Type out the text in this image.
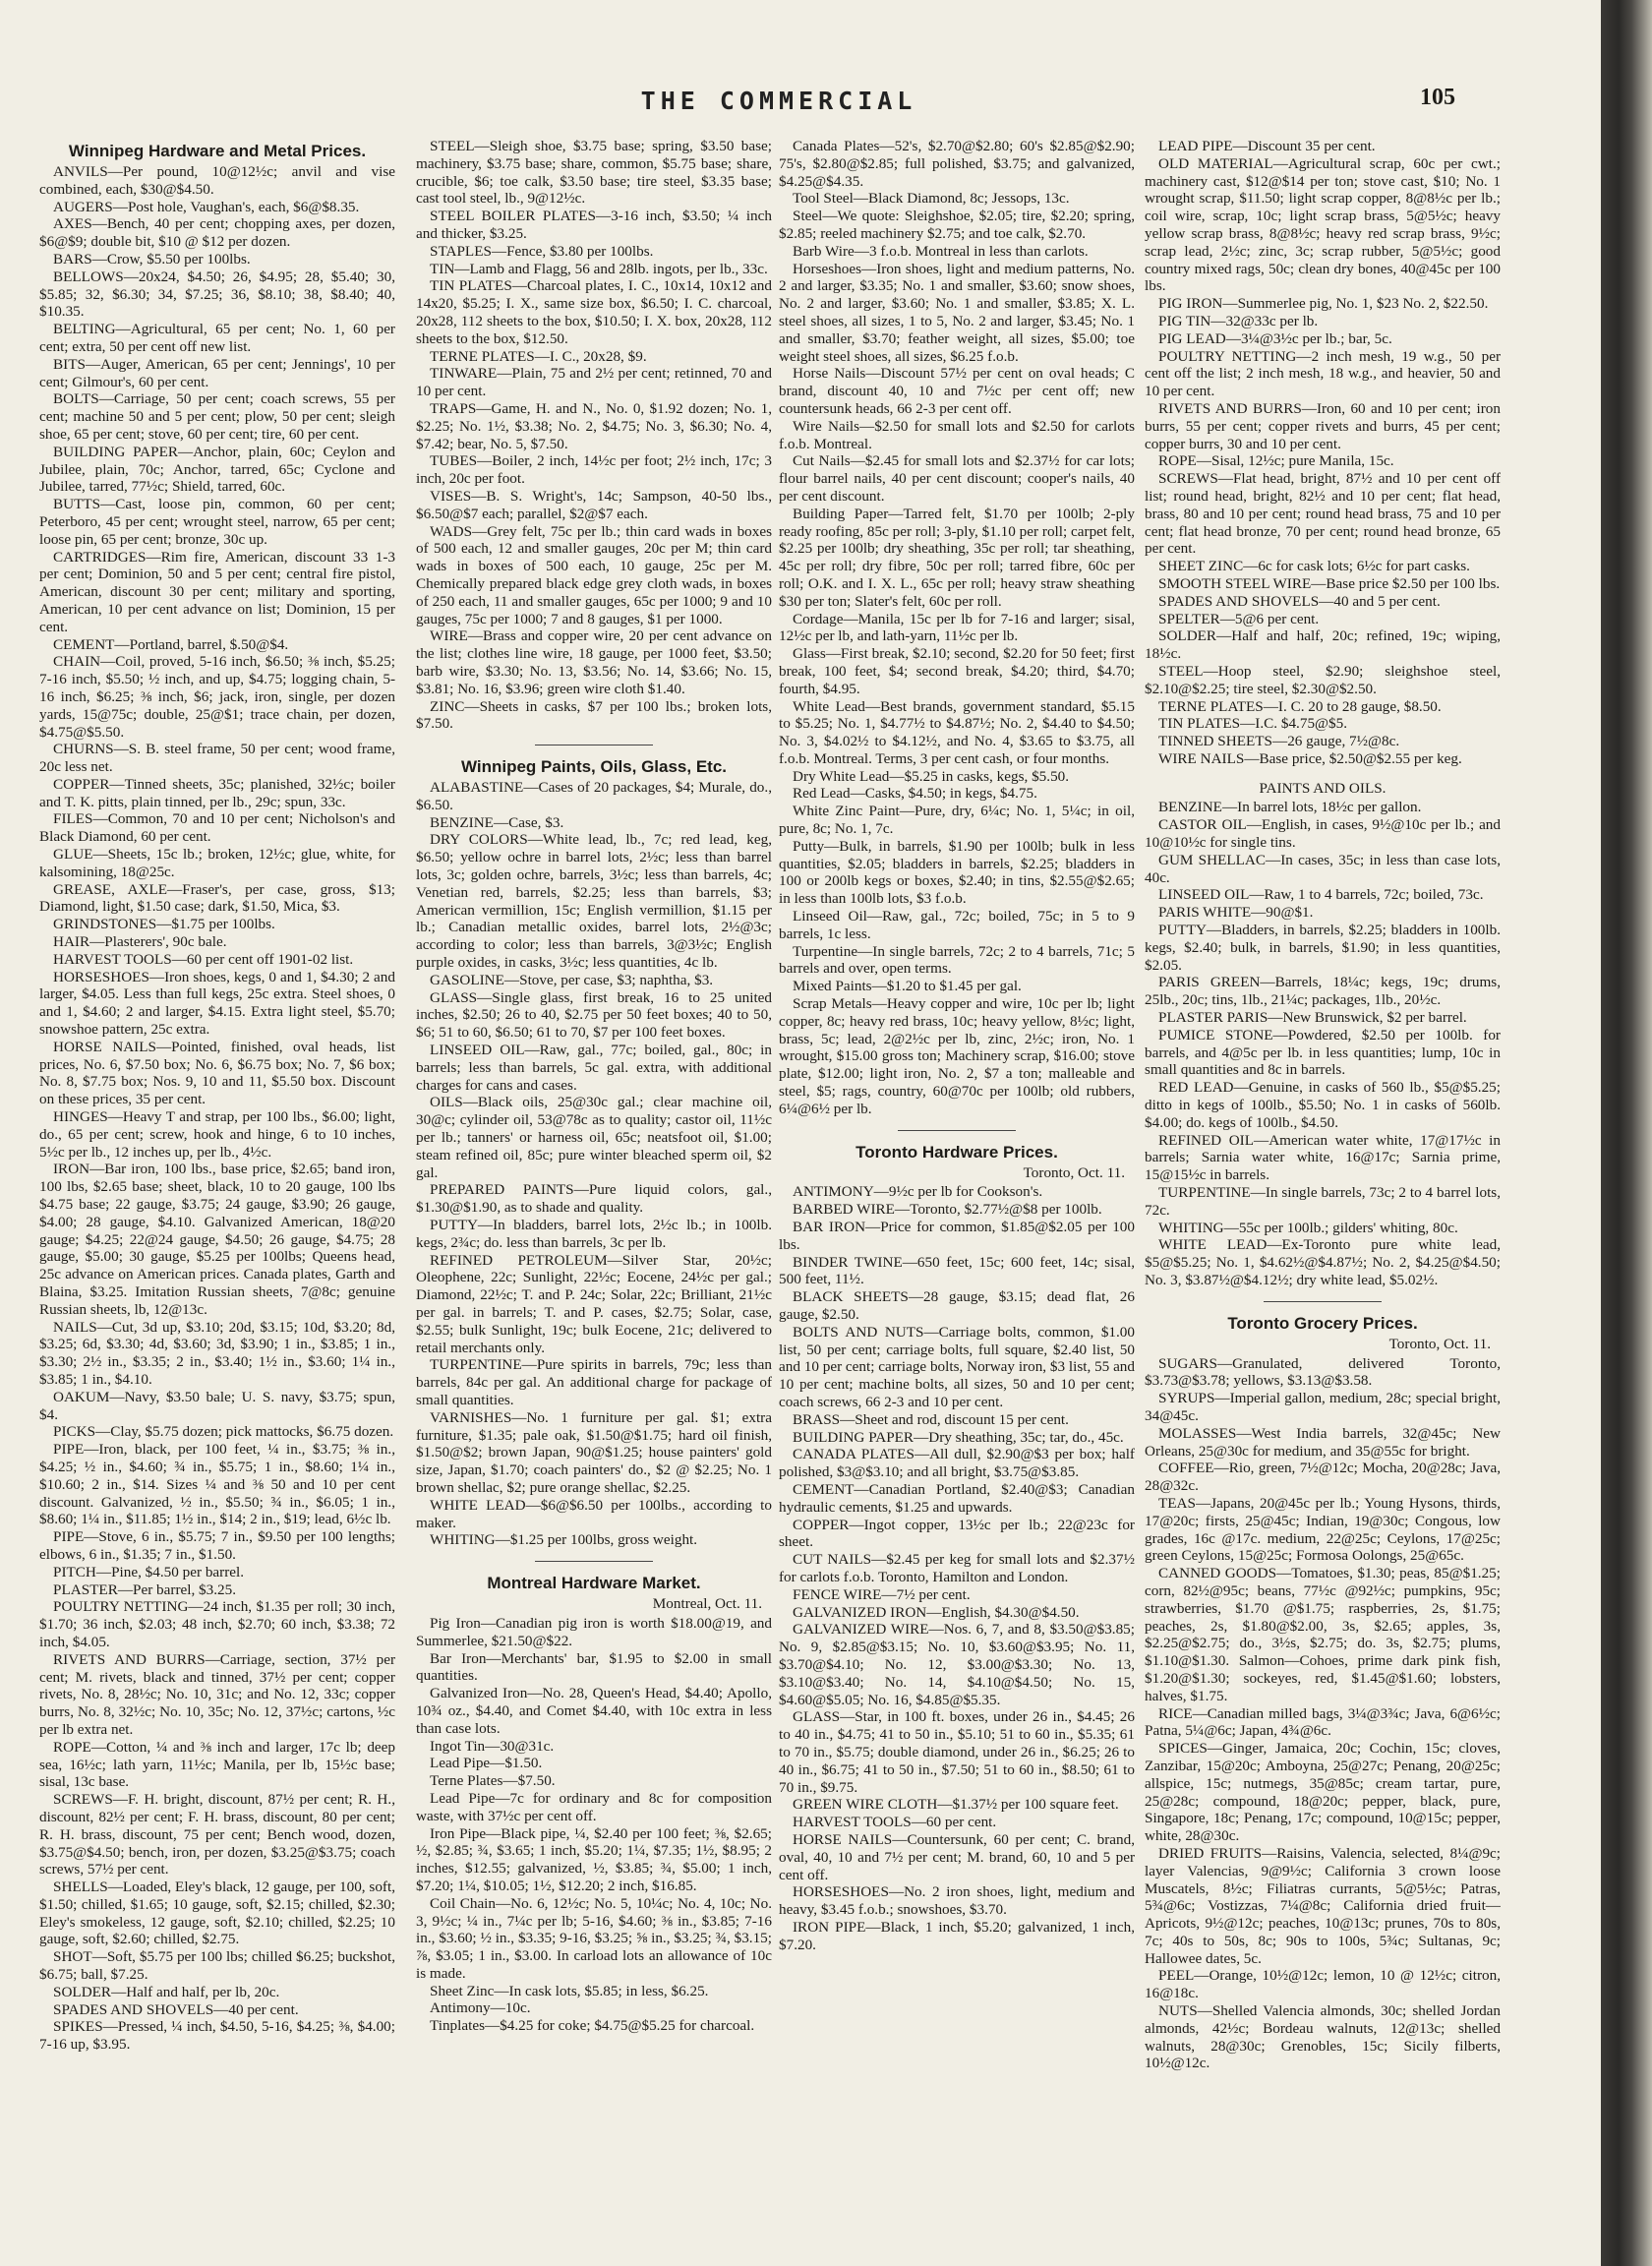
THE COMMERCIAL	105
Winnipeg Hardware and Metal Prices.

ANVILS—Per pound, 10@12½c; anvil and vise combined, each, $30@$4.50.

AUGERS—Post hole, Vaughan's, each, $6@$8.35.

AXES—Bench, 40 per cent; chopping axes, per dozen, $6@$9; double bit, $10 @ $12 per dozen.

BARS—Crow, $5.50 per 100lbs.

BELLOWS—20x24, $4.50; 26, $4.95; 28, $5.40; 30, $5.85; 32, $6.30; 34, $7.25; 36, $8.10; 38, $8.40; 40, $10.35.

BELTING—Agricultural, 65 per cent; No. 1, 60 per cent; extra, 50 per cent off new list.

BITS—Auger, American, 65 per cent; Jennings', 10 per cent; Gilmour's, 60 per cent.

BOLTS—Carriage, 50 per cent; coach screws, 55 per cent; machine 50 and 5 per cent; plow, 50 per cent; sleigh shoe, 65 per cent; stove, 60 per cent; tire, 60 per cent.

BUILDING PAPER—Anchor, plain, 60c; Ceylon and Jubilee, plain, 70c; Anchor, tarred, 65c; Cyclone and Jubilee, tarred, 77½c; Shield, tarred, 60c.

BUTTS—Cast, loose pin, common, 60 per cent; Peterboro, 45 per cent; wrought steel, narrow, 65 per cent; loose pin, 65 per cent; bronze, 30c up.

CARTRIDGES—Rim fire, American, discount 33 1-3 per cent; Dominion, 50 and 5 per cent; central fire pistol, American, discount 30 per cent; military and sporting, American, 10 per cent advance on list; Dominion, 15 per cent.

CEMENT—Portland, barrel, $.50@$4.

CHAIN—Coil, proved, 5-16 inch, $6.50; ⅜ inch, $5.25; 7-16 inch, $5.50; ½ inch, and up, $4.75; logging chain, 5-16 inch, $6.25; ⅜ inch, $6; jack, iron, single, per dozen yards, 15@75c; double, 25@$1; trace chain, per dozen, $4.75@$5.50.

CHURNS—S. B. steel frame, 50 per cent; wood frame, 20c less net.

COPPER—Tinned sheets, 35c; planished, 32½c; boiler and T. K. pitts, plain tinned, per lb., 29c; spun, 33c.

FILES—Common, 70 and 10 per cent; Nicholson's and Black Diamond, 60 per cent.

GLUE—Sheets, 15c lb.; broken, 12½c; glue, white, for kalsomining, 18@25c.

GREASE, AXLE—Fraser's, per case, gross, $13; Diamond, light, $1.50 case; dark, $1.50, Mica, $3.

GRINDSTONES—$1.75 per 100lbs.

HAIR—Plasterers', 90c bale.

HARVEST TOOLS—60 per cent off 1901-02 list.

HORSESHOES—Iron shoes, kegs, 0 and 1, $4.30; 2 and larger, $4.05. Less than full kegs, 25c extra. Steel shoes, 0 and 1, $4.60; 2 and larger, $4.15. Extra light steel, $5.70; snowshoe pattern, 25c extra.

HORSE NAILS—Pointed, finished, oval heads, list prices, No. 6, $7.50 box; No. 6, $6.75 box; No. 7, $6 box; No. 8, $7.75 box; Nos. 9, 10 and 11, $5.50 box. Discount on these prices, 35 per cent.

HINGES—Heavy T and strap, per 100 lbs., $6.00; light, do., 65 per cent; screw, hook and hinge, 6 to 10 inches, 5½c per lb., 12 inches up, per lb., 4½c.

IRON—Bar iron, 100 lbs., base price, $2.65; band iron, 100 lbs, $2.65 base; sheet, black, 10 to 20 gauge, 100 lbs $4.75 base; 22 gauge, $3.75; 24 gauge, $3.90; 26 gauge, $4.00; 28 gauge, $4.10. Galvanized American, 18@20 gauge; $4.25; 22@24 gauge, $4.50; 26 gauge, $4.75; 28 gauge, $5.00; 30 gauge, $5.25 per 100lbs; Queens head, 25c advance on American prices. Canada plates, Garth and Blaina, $3.25. Imitation Russian sheets, 7@8c; genuine Russian sheets, lb, 12@13c.

NAILS—Cut, 3d up, $3.10; 20d, $3.15; 10d, $3.20; 8d, $3.25; 6d, $3.30; 4d, $3.60; 3d, $3.90; 1 in., $3.85; 1 in., $3.30; 2½ in., $3.35; 2 in., $3.40; 1½ in., $3.60; 1¼ in., $3.85; 1 in., $4.10.

OAKUM—Navy, $3.50 bale; U. S. navy, $3.75; spun, $4.

PICKS—Clay, $5.75 dozen; pick mattocks, $6.75 dozen.

PIPE—Iron, black, per 100 feet, ¼ in., $3.75; ⅜ in., $4.25; ½ in., $4.60; ¾ in., $5.75; 1 in., $8.60; 1¼ in., $10.60; 2 in., $14. Sizes ¼ and ⅜ 50 and 10 per cent discount. Galvanized, ½ in., $5.50; ¾ in., $6.05; 1 in., $8.60; 1¼ in., $11.85; 1½ in., $14; 2 in., $19; lead, 6½c lb.

PIPE—Stove, 6 in., $5.75; 7 in., $9.50 per 100 lengths; elbows, 6 in., $1.35; 7 in., $1.50.

PITCH—Pine, $4.50 per barrel.

PLASTER—Per barrel, $3.25.

POULTRY NETTING—24 inch, $1.35 per roll; 30 inch, $1.70; 36 inch, $2.03; 48 inch, $2.70; 60 inch, $3.38; 72 inch, $4.05.

RIVETS AND BURRS—Carriage, section, 37½ per cent; M. rivets, black and tinned, 37½ per cent; copper rivets, No. 8, 28½c; No. 10, 31c; and No. 12, 33c; copper burrs, No. 8, 32½c; No. 10, 35c; No. 12, 37½c; cartons, ½c per lb extra net.

ROPE—Cotton, ¼ and ⅜ inch and larger, 17c lb; deep sea, 16½c; lath yarn, 11½c; Manila, per lb, 15½c base; sisal, 13c base.

SCREWS—F. H. bright, discount, 87½ per cent; R. H., discount, 82½ per cent; F. H. brass, discount, 80 per cent; R. H. brass, discount, 75 per cent; Bench wood, dozen, $3.75@$4.50; bench, iron, per dozen, $3.25@$3.75; coach screws, 57½ per cent.

SHELLS—Loaded, Eley's black, 12 gauge, per 100, soft, $1.50; chilled, $1.65; 10 gauge, soft, $2.15; chilled, $2.30; Eley's smokeless, 12 gauge, soft, $2.10; chilled, $2.25; 10 gauge, soft, $2.60; chilled, $2.75.

SHOT—Soft, $5.75 per 100 lbs; chilled $6.25; buckshot, $6.75; ball, $7.25.

SOLDER—Half and half, per lb, 20c.

SPADES AND SHOVELS—40 per cent.

SPIKES—Pressed, ¼ inch, $4.50, 5-16, $4.25; ⅜, $4.00; 7-16 up, $3.95.

STEEL—Sleigh shoe, $3.75 base; spring, $3.50 base; machinery, $3.75 base; share, common, $5.75 base; share, crucible, $6; toe calk, $3.50 base; tire steel, $3.35 base; cast tool steel, lb., 9@12½c.

STEEL BOILER PLATES—3-16 inch, $3.50; ¼ inch and thicker, $3.25.

STAPLES—Fence, $3.80 per 100lbs.

TIN—Lamb and Flagg, 56 and 28lb. ingots, per lb., 33c.

TIN PLATES—Charcoal plates, I. C., 10x14, 10x12 and 14x20, $5.25; I. X., same size box, $6.50; I. C. charcoal, 20x28, 112 sheets to the box, $10.50; I. X. box, 20x28, 112 sheets to the box, $12.50.

TERNE PLATES—I. C., 20x28, $9.

TINWARE—Plain, 75 and 2½ per cent; retinned, 70 and 10 per cent.

TRAPS—Game, H. and N., No. 0, $1.92 dozen; No. 1, $2.25; No. 1½, $3.38; No. 2, $4.75; No. 3, $6.30; No. 4, $7.42; bear, No. 5, $7.50.

TUBES—Boiler, 2 inch, 14½c per foot; 2½ inch, 17c; 3 inch, 20c per foot.

VISES—B. S. Wright's, 14c; Sampson, 40-50 lbs., $6.50@$7 each; parallel, $2@$7 each.

WADS—Grey felt, 75c per lb.; thin card wads in boxes of 500 each, 12 and smaller gauges, 20c per M; thin card wads in boxes of 500 each, 10 gauge, 25c per M. Chemically prepared black edge grey cloth wads, in boxes of 250 each, 11 and smaller gauges, 65c per 1000; 9 and 10 gauges, 75c per 1000; 7 and 8 gauges, $1 per 1000.

WIRE—Brass and copper wire, 20 per cent advance on the list; clothes line wire, 18 gauge, per 1000 feet, $3.50; barb wire, $3.30; No. 13, $3.56; No. 14, $3.66; No. 15, $3.81; No. 16, $3.96; green wire cloth $1.40.

ZINC—Sheets in casks, $7 per 100 lbs.; broken lots, $7.50.

Winnipeg Paints, Oils, Glass, Etc.

ALABASTINE—Cases of 20 packages, $4; Murale, do., $6.50.

BENZINE—Case, $3.

DRY COLORS—White lead, lb., 7c; red lead, keg, $6.50; yellow ochre in barrel lots, 2½c; less than barrel lots, 3c; golden ochre, barrels, 3½c; less than barrels, 4c; Venetian red, barrels, $2.25; less than barrels, $3; American vermillion, 15c; English vermillion, $1.15 per lb.; Canadian metallic oxides, barrel lots, 2½@3c; according to color; less than barrels, 3@3½c; English purple oxides, in casks, 3½c; less quantities, 4c lb.

GASOLINE—Stove, per case, $3; naphtha, $3.

GLASS—Single glass, first break, 16 to 25 united inches, $2.50; 26 to 40, $2.75 per 50 feet boxes; 40 to 50, $6; 51 to 60, $6.50; 61 to 70, $7 per 100 feet boxes.

LINSEED OIL—Raw, gal., 77c; boiled, gal., 80c; in barrels; less than barrels, 5c gal. extra, with additional charges for cans and cases.

OILS—Black oils, 25@30c gal.; clear machine oil, 30@c; cylinder oil, 53@78c as to quality; castor oil, 11½c per lb.; tanners' or harness oil, 65c; neatsfoot oil, $1.00; steam refined oil, 85c; pure winter bleached sperm oil, $2 gal.

PREPARED PAINTS—Pure liquid colors, gal., $1.30@$1.90, as to shade and quality.

PUTTY—In bladders, barrel lots, 2½c lb.; in 100lb. kegs, 2¾c; do. less than barrels, 3c per lb.

REFINED PETROLEUM—Silver Star, 20½c; Oleophene, 22c; Sunlight, 22½c; Eocene, 24½c per gal.; Diamond, 22½c; T. and P. 24c; Solar, 22c; Brilliant, 21½c per gal. in barrels; T. and P. cases, $2.75; Solar, case, $2.55; bulk Sunlight, 19c; bulk Eocene, 21c; delivered to retail merchants only.

TURPENTINE—Pure spirits in barrels, 79c; less than barrels, 84c per gal. An additional charge for package of small quantities.

VARNISHES—No. 1 furniture per gal. $1; extra furniture, $1.35; pale oak, $1.50@$1.75; hard oil finish, $1.50@$2; brown Japan, 90@$1.25; house painters' gold size, Japan, $1.70; coach painters' do., $2 @ $2.25; No. 1 brown shellac, $2; pure orange shellac, $2.25.

WHITE LEAD—$6@$6.50 per 100lbs., according to maker.

WHITING—$1.25 per 100lbs, gross weight.

Montreal Hardware Market.
Montreal, Oct. 11.

Pig Iron—Canadian pig iron is worth $18.00@19, and Summerlee, $21.50@$22.

Bar Iron—Merchants' bar, $1.95 to $2.00 in small quantities.

Galvanized Iron—No. 28, Queen's Head, $4.40; Apollo, 10¾ oz., $4.40, and Comet $4.40, with 10c extra in less than case lots.

Ingot Tin—30@31c.

Lead Pipe—$1.50.

Terne Plates—$7.50.

Lead Pipe—7c for ordinary and 8c for composition waste, with 37½c per cent off.

Iron Pipe—Black pipe, ¼, $2.40 per 100 feet; ⅜, $2.65; ½, $2.85; ¾, $3.65; 1 inch, $5.20; 1¼, $7.35; 1½, $8.95; 2 inches, $12.55; galvanized, ½, $3.85; ¾, $5.00; 1 inch, $7.20; 1¼, $10.05; 1½, $12.20; 2 inch, $16.85.

Coil Chain—No. 6, 12½c; No. 5, 10¼c; No. 4, 10c; No. 3, 9½c; ¼ in., 7¼c per lb; 5-16, $4.60; ⅜ in., $3.85; 7-16 in., $3.60; ½ in., $3.35; 9-16, $3.25; ⅝ in., $3.25; ¾, $3.15; ⅞, $3.05; 1 in., $3.00. In carload lots an allowance of 10c is made.

Sheet Zinc—In cask lots, $5.85; in less, $6.25.

Antimony—10c.

Tinplates—$4.25 for coke; $4.75@$5.25 for charcoal.

Canada Plates—52's, $2.70@$2.80; 60's $2.85@$2.90; 75's, $2.80@$2.85; full polished, $3.75; and galvanized, $4.25@$4.35.

Tool Steel—Black Diamond, 8c; Jessops, 13c.

Steel—We quote: Sleighshoe, $2.05; tire, $2.20; spring, $2.85; reeled machinery $2.75; and toe calk, $2.70.

Barb Wire—3 f.o.b. Montreal in less than carlots.

Horseshoes—Iron shoes, light and medium patterns, No. 2 and larger, $3.35; No. 1 and smaller, $3.60; snow shoes, No. 2 and larger, $3.60; No. 1 and smaller, $3.85; X. L. steel shoes, all sizes, 1 to 5, No. 2 and larger, $3.45; No. 1 and smaller, $3.70; feather weight, all sizes, $5.00; toe weight steel shoes, all sizes, $6.25 f.o.b.

Horse Nails—Discount 57½ per cent on oval heads; C brand, discount 40, 10 and 7½c per cent off; new countersunk heads, 66 2-3 per cent off.

Wire Nails—$2.50 for small lots and $2.50 for carlots f.o.b. Montreal.

Cut Nails—$2.45 for small lots and $2.37½ for car lots; flour barrel nails, 40 per cent discount; cooper's nails, 40 per cent discount.

Building Paper—Tarred felt, $1.70 per 100lb; 2-ply ready roofing, 85c per roll; 3-ply, $1.10 per roll; carpet felt, $2.25 per 100lb; dry sheathing, 35c per roll; tar sheathing, 45c per roll; dry fibre, 50c per roll; tarred fibre, 60c per roll; O.K. and I. X. L., 65c per roll; heavy straw sheathing $30 per ton; Slater's felt, 60c per roll.

Cordage—Manila, 15c per lb for 7-16 and larger; sisal, 12½c per lb, and lath-yarn, 11½c per lb.

Glass—First break, $2.10; second, $2.20 for 50 feet; first break, 100 feet, $4; second break, $4.20; third, $4.70; fourth, $4.95.

White Lead—Best brands, government standard, $5.15 to $5.25; No. 1, $4.77½ to $4.87½; No. 2, $4.40 to $4.50; No. 3, $4.02½ to $4.12½, and No. 4, $3.65 to $3.75, all f.o.b. Montreal. Terms, 3 per cent cash, or four months.

Dry White Lead—$5.25 in casks, kegs, $5.50.

Red Lead—Casks, $4.50; in kegs, $4.75.

White Zinc Paint—Pure, dry, 6¼c; No. 1, 5¼c; in oil, pure, 8c; No. 1, 7c.

Putty—Bulk, in barrels, $1.90 per 100lb; bulk in less quantities, $2.05; bladders in barrels, $2.25; bladders in 100 or 200lb kegs or boxes, $2.40; in tins, $2.55@$2.65; in less than 100lb lots, $3 f.o.b.

Linseed Oil—Raw, gal., 72c; boiled, 75c; in 5 to 9 barrels, 1c less.

Turpentine—In single barrels, 72c; 2 to 4 barrels, 71c; 5 barrels and over, open terms.

Mixed Paints—$1.20 to $1.45 per gal.

Scrap Metals—Heavy copper and wire, 10c per lb; light copper, 8c; heavy red brass, 10c; heavy yellow, 8½c; light, brass, 5c; lead, 2@2½c per lb, zinc, 2½c; iron, No. 1 wrought, $15.00 gross ton; Machinery scrap, $16.00; stove plate, $12.00; light iron, No. 2, $7 a ton; malleable and steel, $5; rags, country, 60@70c per 100lb; old rubbers, 6¼@6½ per lb.

Toronto Hardware Prices.
Toronto, Oct. 11.

ANTIMONY—9½c per lb for Cookson's.

BARBED WIRE—Toronto, $2.77½@$8 per 100lb.

BAR IRON—Price for common, $1.85@$2.05 per 100 lbs.

BINDER TWINE—650 feet, 15c; 600 feet, 14c; sisal, 500 feet, 11½.

BLACK SHEETS—28 gauge, $3.15; dead flat, 26 gauge, $2.50.

BOLTS AND NUTS—Carriage bolts, common, $1.00 list, 50 per cent; carriage bolts, full square, $2.40 list, 50 and 10 per cent; carriage bolts, Norway iron, $3 list, 55 and 10 per cent; machine bolts, all sizes, 50 and 10 per cent; coach screws, 66 2-3 and 10 per cent.

BRASS—Sheet and rod, discount 15 per cent.

BUILDING PAPER—Dry sheathing, 35c; tar, do., 45c.

CANADA PLATES—All dull, $2.90@$3 per box; half polished, $3@$3.10; and all bright, $3.75@$3.85.

CEMENT—Canadian Portland, $2.40@$3; Canadian hydraulic cements, $1.25 and upwards.

COPPER—Ingot copper, 13½c per lb.; 22@23c for sheet.

CUT NAILS—$2.45 per keg for small lots and $2.37½ for carlots f.o.b. Toronto, Hamilton and London.

FENCE WIRE—7½ per cent.

GALVANIZED IRON—English, $4.30@$4.50.

GALVANIZED WIRE—Nos. 6, 7, and 8, $3.50@$3.85; No. 9, $2.85@$3.15; No. 10, $3.60@$3.95; No. 11, $3.70@$4.10; No. 12, $3.00@$3.30; No. 13, $3.10@$3.40; No. 14, $4.10@$4.50; No. 15, $4.60@$5.05; No. 16, $4.85@$5.35.

GLASS—Star, in 100 ft. boxes, under 26 in., $4.45; 26 to 40 in., $4.75; 41 to 50 in., $5.10; 51 to 60 in., $5.35; 61 to 70 in., $5.75; double diamond, under 26 in., $6.25; 26 to 40 in., $6.75; 41 to 50 in., $7.50; 51 to 60 in., $8.50; 61 to 70 in., $9.75.

GREEN WIRE CLOTH—$1.37½ per 100 square feet.

HARVEST TOOLS—60 per cent.

HORSE NAILS—Countersunk, 60 per cent; C. brand, oval, 40, 10 and 7½ per cent; M. brand, 60, 10 and 5 per cent off.

HORSESHOES—No. 2 iron shoes, light, medium and heavy, $3.45 f.o.b.; snowshoes, $3.70.

IRON PIPE—Black, 1 inch, $5.20; galvanized, 1 inch, $7.20.

LEAD PIPE—Discount 35 per cent.

OLD MATERIAL—Agricultural scrap, 60c per cwt.; machinery cast, $12@$14 per ton; stove cast, $10; No. 1 wrought scrap, $11.50; light scrap copper, 8@8½c per lb.; coil wire, scrap, 10c; light scrap brass, 5@5½c; heavy yellow scrap brass, 8@8½c; heavy red scrap brass, 9½c; scrap lead, 2½c; zinc, 3c; scrap rubber, 5@5½c; good country mixed rags, 50c; clean dry bones, 40@45c per 100 lbs.

PIG IRON—Summerlee pig, No. 1, $23 No. 2, $22.50.

PIG TIN—32@33c per lb.

PIG LEAD—3¼@3½c per lb.; bar, 5c.

POULTRY NETTING—2 inch mesh, 19 w.g., 50 per cent off the list; 2 inch mesh, 18 w.g., and heavier, 50 and 10 per cent.

RIVETS AND BURRS—Iron, 60 and 10 per cent; iron burrs, 55 per cent; copper rivets and burrs, 45 per cent; copper burrs, 30 and 10 per cent.

ROPE—Sisal, 12½c; pure Manila, 15c.

SCREWS—Flat head, bright, 87½ and 10 per cent off list; round head, bright, 82½ and 10 per cent; flat head, brass, 80 and 10 per cent; round head brass, 75 and 10 per cent; flat head bronze, 70 per cent; round head bronze, 65 per cent.

SHEET ZINC—6c for cask lots; 6½c for part casks.

SMOOTH STEEL WIRE—Base price $2.50 per 100 lbs.

SPADES AND SHOVELS—40 and 5 per cent.

SPELTER—5@6 per cent.

SOLDER—Half and half, 20c; refined, 19c; wiping, 18½c.

STEEL—Hoop steel, $2.90; sleighshoe steel, $2.10@$2.25; tire steel, $2.30@$2.50.

TERNE PLATES—I. C. 20 to 28 gauge, $8.50.

TIN PLATES—I.C. $4.75@$5.

TINNED SHEETS—26 gauge, 7½@8c.

WIRE NAILS—Base price, $2.50@$2.55 per keg.

PAINTS AND OILS.

BENZINE—In barrel lots, 18½c per gallon.

CASTOR OIL—English, in cases, 9½@10c per lb.; and 10@10½c for single tins.

GUM SHELLAC—In cases, 35c; in less than case lots, 40c.

LINSEED OIL—Raw, 1 to 4 barrels, 72c; boiled, 73c.

PARIS WHITE—90@$1.

PUTTY—Bladders, in barrels, $2.25; bladders in 100lb. kegs, $2.40; bulk, in barrels, $1.90; in less quantities, $2.05.

PARIS GREEN—Barrels, 18¼c; kegs, 19c; drums, 25lb., 20c; tins, 1lb., 21¼c; packages, 1lb., 20½c.

PLASTER PARIS—New Brunswick, $2 per barrel.

PUMICE STONE—Powdered, $2.50 per 100lb. for barrels, and 4@5c per lb. in less quantities; lump, 10c in small quantities and 8c in barrels.

RED LEAD—Genuine, in casks of 560 lb., $5@$5.25; ditto in kegs of 100lb., $5.50; No. 1 in casks of 560lb. $4.00; do. kegs of 100lb., $4.50.

REFINED OIL—American water white, 17@17½c in barrels; Sarnia water white, 16@17c; Sarnia prime, 15@15½c in barrels.

TURPENTINE—In single barrels, 73c; 2 to 4 barrel lots, 72c.

WHITING—55c per 100lb.; gilders' whiting, 80c.

WHITE LEAD—Ex-Toronto pure white lead, $5@$5.25; No. 1, $4.62½@$4.87½; No. 2, $4.25@$4.50; No. 3, $3.87½@$4.12½; dry white lead, $5.02½.

Toronto Grocery Prices.
Toronto, Oct. 11.

SUGARS—Granulated, delivered Toronto, $3.73@$3.78; yellows, $3.13@$3.58.

SYRUPS—Imperial gallon, medium, 28c; special bright, 34@45c.

MOLASSES—West India barrels, 32@45c; New Orleans, 25@30c for medium, and 35@55c for bright.

COFFEE—Rio, green, 7½@12c; Mocha, 20@28c; Java, 28@32c.

TEAS—Japans, 20@45c per lb.; Young Hysons, thirds, 17@20c; firsts, 25@45c; Indian, 19@30c; Congous, low grades, 16c @17c. medium, 22@25c; Ceylons, 17@25c; green Ceylons, 15@25c; Formosa Oolongs, 25@65c.

CANNED GOODS—Tomatoes, $1.30; peas, 85@$1.25; corn, 82½@95c; beans, 77½c @92½c; pumpkins, 95c; strawberries, $1.70 @$1.75; raspberries, 2s, $1.75; peaches, 2s, $1.80@$2.00, 3s, $2.65; apples, 3s, $2.25@$2.75; do., 3½s, $2.75; do. 3s, $2.75; plums, $1.10@$1.30. Salmon—Cohoes, prime dark pink fish, $1.20@$1.30; sockeyes, red, $1.45@$1.60; lobsters, halves, $1.75.

RICE—Canadian milled bags, 3¼@3¾c; Java, 6@6½c; Patna, 5¼@6c; Japan, 4¾@6c.

SPICES—Ginger, Jamaica, 20c; Cochin, 15c; cloves, Zanzibar, 15@20c; Amboyna, 25@27c; Penang, 20@25c; allspice, 15c; nutmegs, 35@85c; cream tartar, pure, 25@28c; compound, 18@20c; pepper, black, pure, Singapore, 18c; Penang, 17c; compound, 10@15c; pepper, white, 28@30c.

DRIED FRUITS—Raisins, Valencia, selected, 8¼@9c; layer Valencias, 9@9½c; California 3 crown loose Muscatels, 8½c; Filiatras currants, 5@5½c; Patras, 5¾@6c; Vostizzas, 7¼@8c; California dried fruit—Apricots, 9½@12c; peaches, 10@13c; prunes, 70s to 80s, 7c; 40s to 50s, 8c; 90s to 100s, 5¾c; Sultanas, 9c; Hallowee dates, 5c.

PEEL—Orange, 10½@12c; lemon, 10 @ 12½c; citron, 16@18c.

NUTS—Shelled Valencia almonds, 30c; shelled Jordan almonds, 42½c; Bordeau walnuts, 12@13c; shelled walnuts, 28@30c; Grenobles, 15c; Sicily filberts, 10½@12c.
